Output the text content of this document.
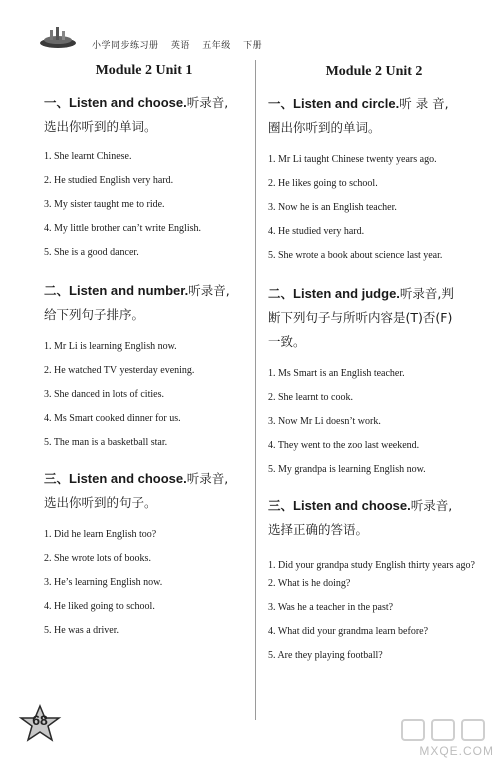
小学同步练习册 英语 五年级 下册
Module 2 Unit 1

一、Listen and choose.听录音,
选出你听到的单词。

1. She learnt Chinese.
2. He studied English very hard.
3. My sister taught me to ride.
4. My little brother can’t write English.
5. She is a good dancer.

二、Listen and number.听录音,
给下列句子排序。

1. Mr Li is learning English now.
2. He watched TV yesterday evening.
3. She danced in lots of cities.
4. Ms Smart cooked dinner for us.
5. The man is a basketball star.

三、Listen and choose.听录音,
选出你听到的句子。

1. Did he learn English too?
2. She wrote lots of books.
3. He’s learning English now.
4. He liked going to school.
5. He was a driver.
Module 2 Unit 2

一、Listen and circle.听 录 音,
圈出你听到的单词。

1. Mr Li taught Chinese twenty years ago.
2. He likes going to school.
3. Now he is an English teacher.
4. He studied very hard.
5. She wrote a book about science last year.

二、Listen and judge.听录音,判
断下列句子与所听内容是(T)否(F)
一致。

1. Ms Smart is an English teacher.
2. She learnt to cook.
3. Now Mr Li doesn’t work.
4. They went to the zoo last weekend.
5. My grandpa is learning English now.

三、Listen and choose.听录音,
选择正确的答语。

1. Did your grandpa study English thirty years ago?
2. What is he doing?
3. Was he a teacher in the past?
4. What did your grandma learn before?
5. Are they playing football?
68
MXQE.COM
